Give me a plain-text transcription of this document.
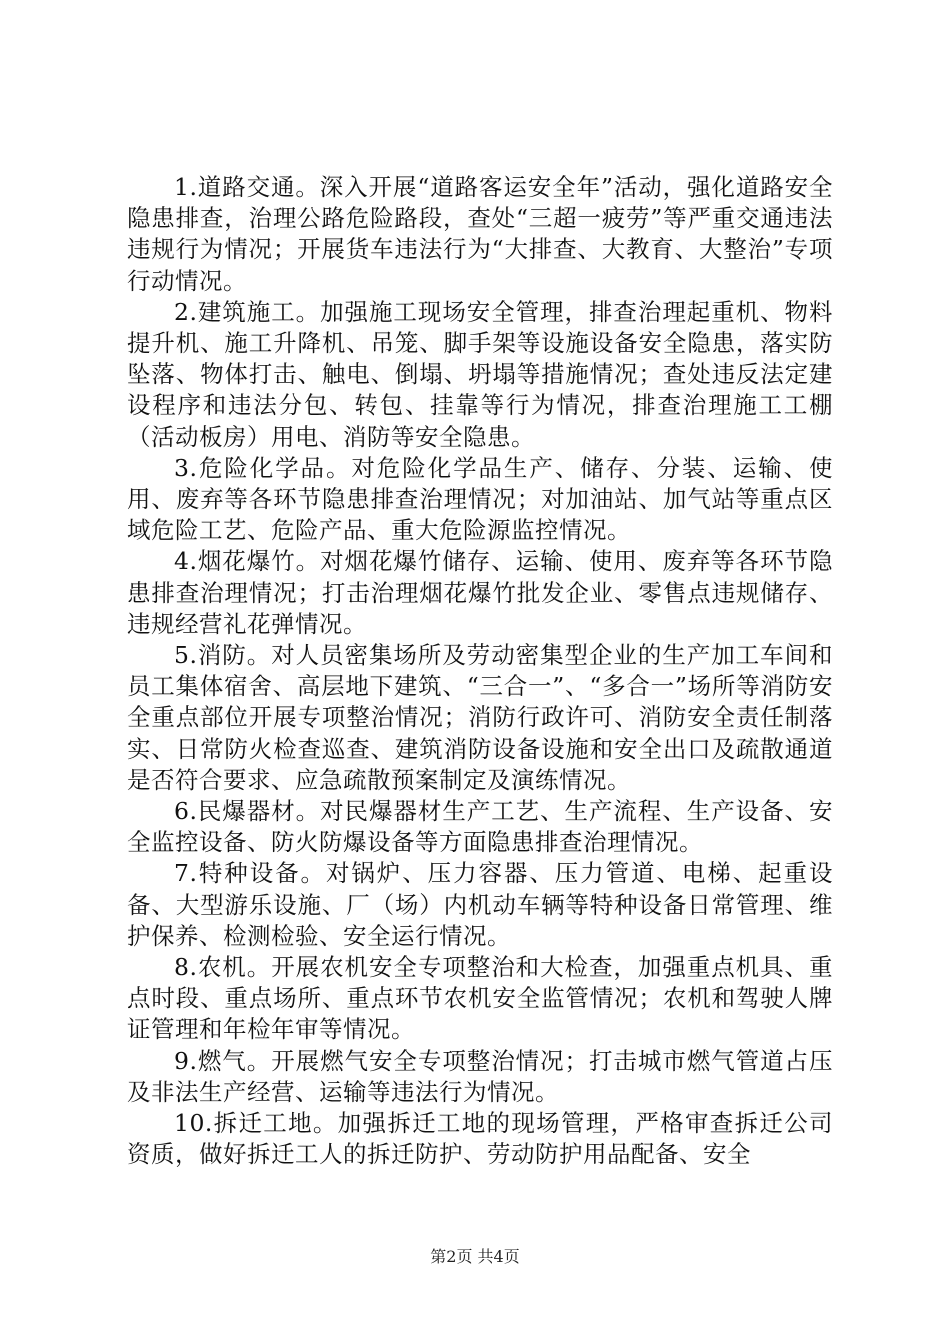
1.道路交通。深入开展“道路客运安全年”活动，强化道路安全隐患排查，治理公路危险路段，查处“三超一疲劳”等严重交通违法违规行为情况；开展货车违法行为“大排查、大教育、大整治”专项行动情况。

2.建筑施工。加强施工现场安全管理，排查治理起重机、物料提升机、施工升降机、吊笼、脚手架等设施设备安全隐患，落实防坠落、物体打击、触电、倒塌、坍塌等措施情况；查处违反法定建设程序和违法分包、转包、挂靠等行为情况，排查治理施工工棚（活动板房）用电、消防等安全隐患。

3.危险化学品。对危险化学品生产、储存、分装、运输、使用、废弃等各环节隐患排查治理情况；对加油站、加气站等重点区域危险工艺、危险产品、重大危险源监控情况。

4.烟花爆竹。对烟花爆竹储存、运输、使用、废弃等各环节隐患排查治理情况；打击治理烟花爆竹批发企业、零售点违规储存、违规经营礼花弹情况。

5.消防。对人员密集场所及劳动密集型企业的生产加工车间和员工集体宿舍、高层地下建筑、“三合一”、“多合一”场所等消防安全重点部位开展专项整治情况；消防行政许可、消防安全责任制落实、日常防火检查巡查、建筑消防设备设施和安全出口及疏散通道是否符合要求、应急疏散预案制定及演练情况。

6.民爆器材。对民爆器材生产工艺、生产流程、生产设备、安全监控设备、防火防爆设备等方面隐患排查治理情况。

7.特种设备。对锅炉、压力容器、压力管道、电梯、起重设备、大型游乐设施、厂（场）内机动车辆等特种设备日常管理、维护保养、检测检验、安全运行情况。

8.农机。开展农机安全专项整治和大检查，加强重点机具、重点时段、重点场所、重点环节农机安全监管情况；农机和驾驶人牌证管理和年检年审等情况。

9.燃气。开展燃气安全专项整治情况；打击城市燃气管道占压及非法生产经营、运输等违法行为情况。

10.拆迁工地。加强拆迁工地的现场管理，严格审查拆迁公司资质，做好拆迁工人的拆迁防护、劳动防护用品配备、安全

第2页 共4页
